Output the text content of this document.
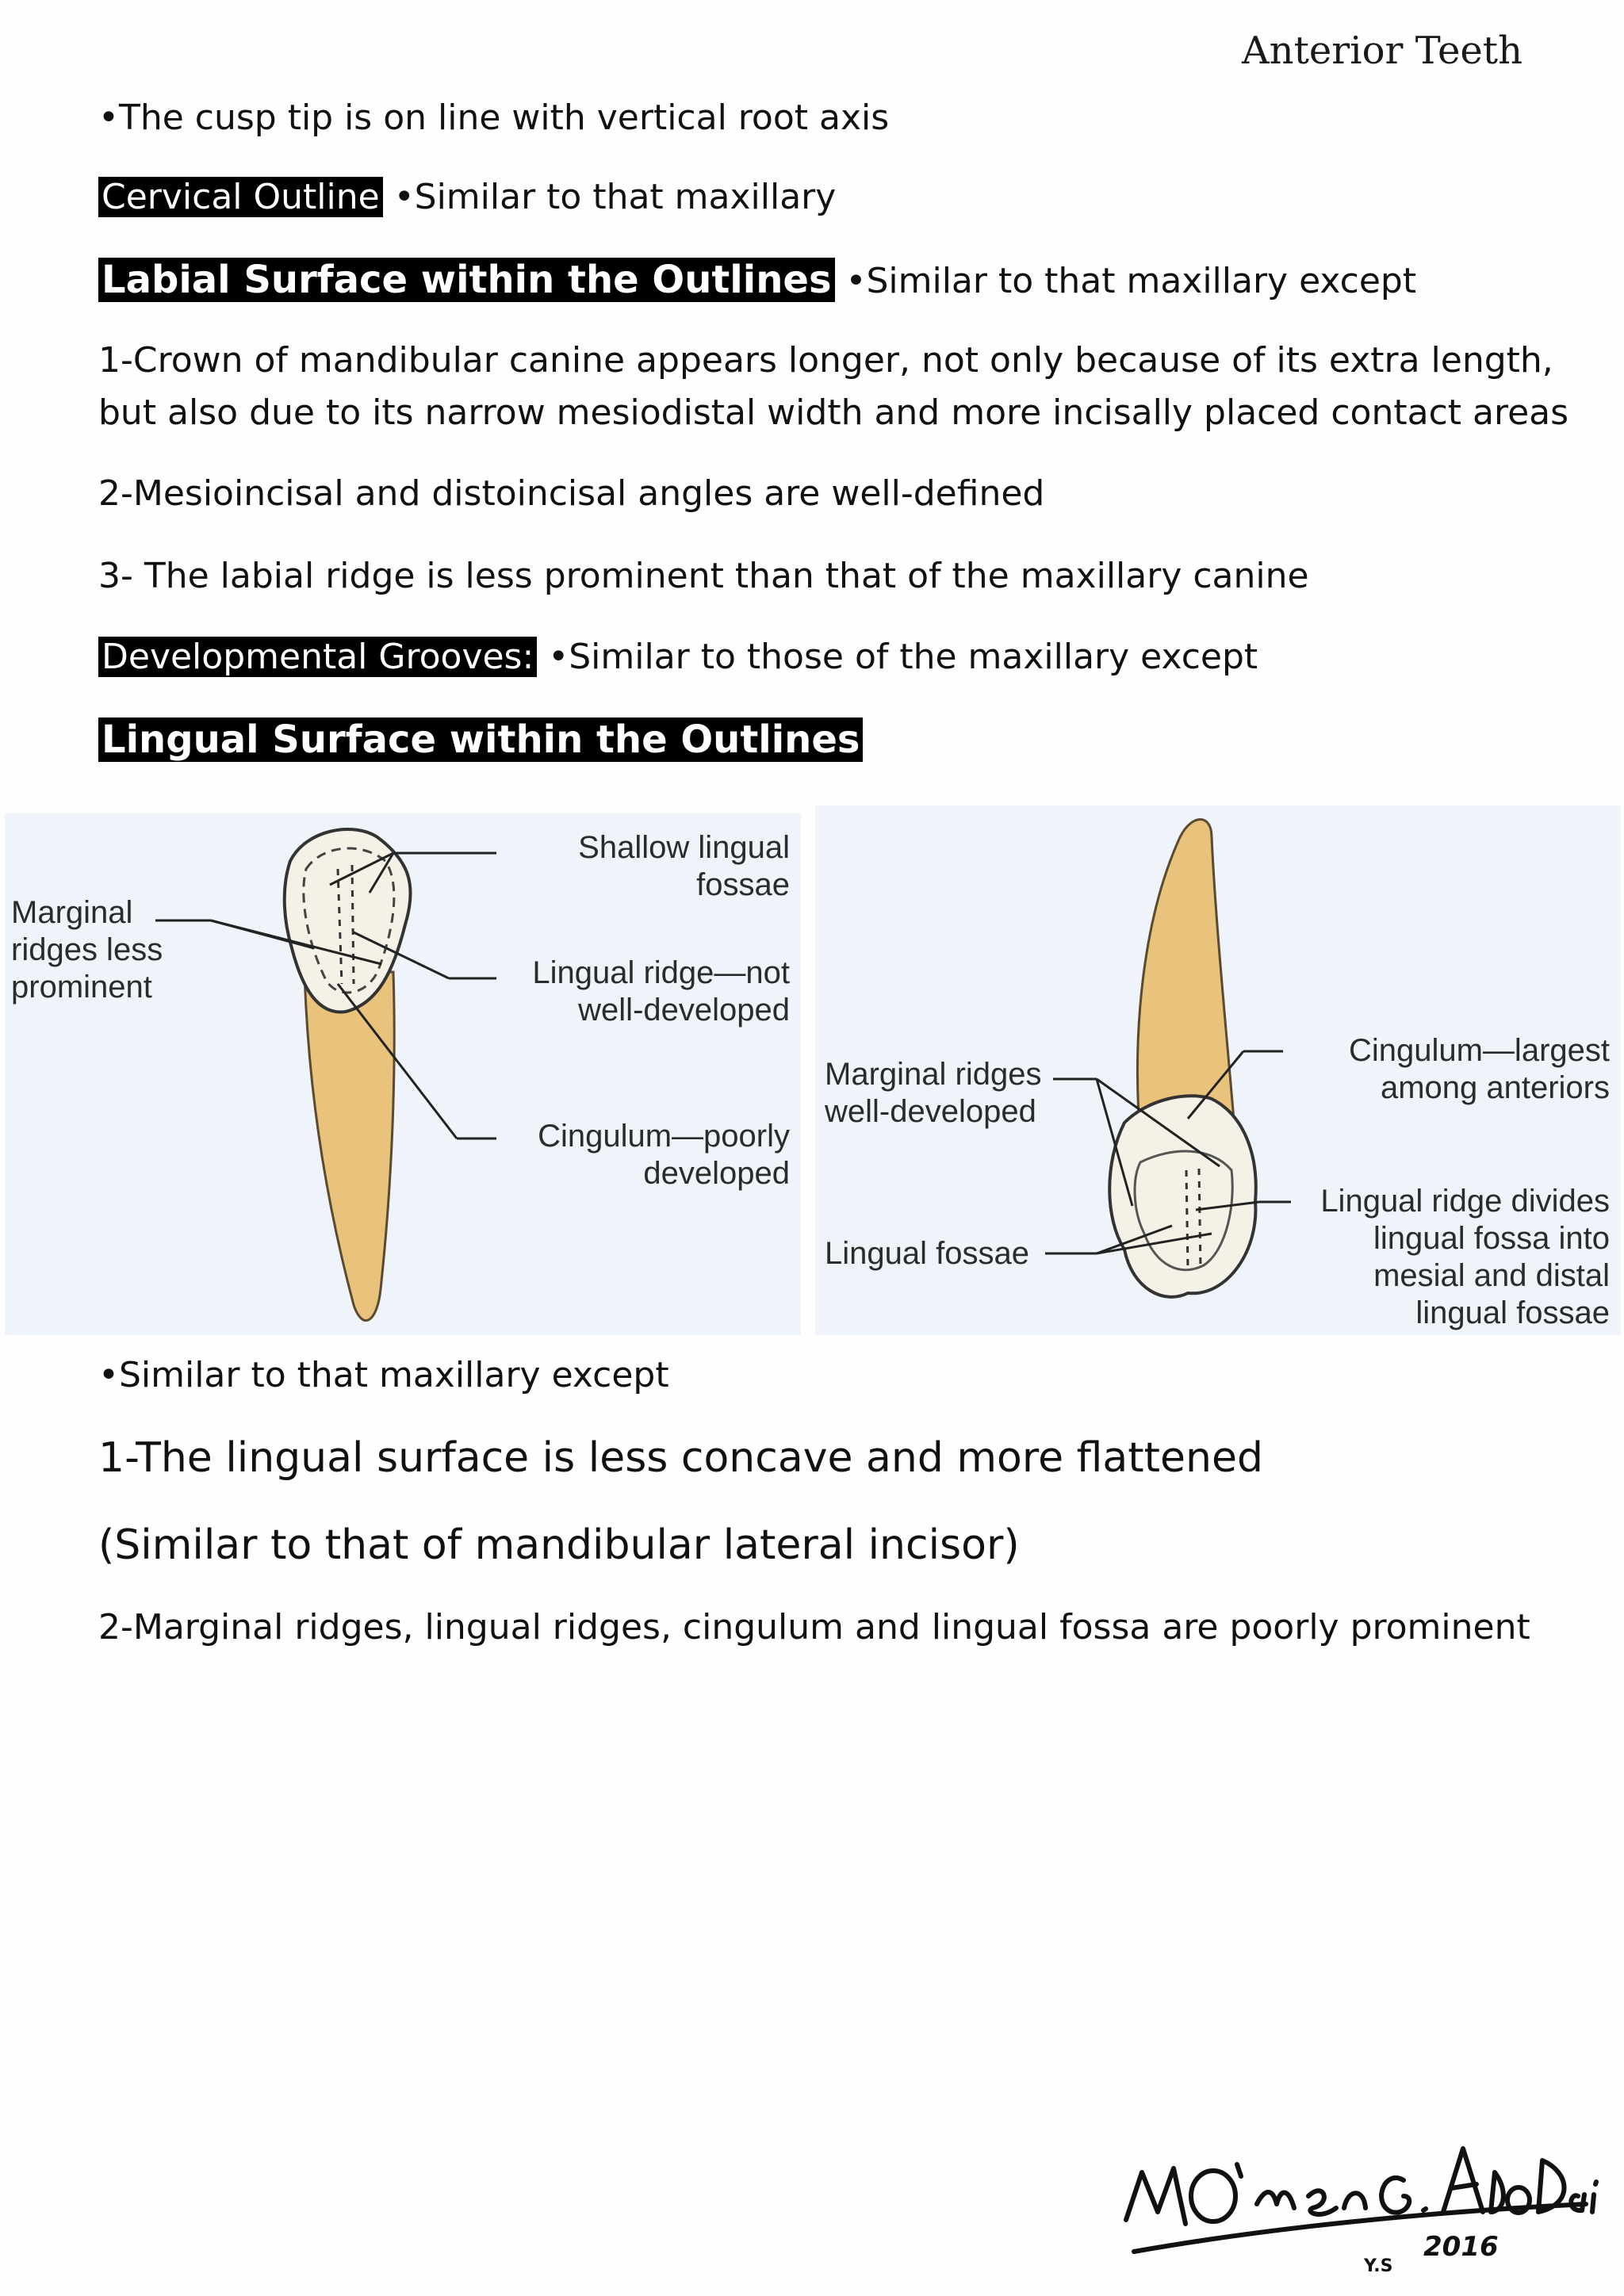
Anterior Teeth
•The cusp tip is on line with vertical root axis
Cervical Outline •Similar to that maxillary
Labial Surface within the Outlines •Similar to that maxillary except
1-Crown of mandibular canine appears longer, not only because of its extra length,
but also due to its narrow mesiodistal width and more incisally placed contact areas
2-Mesioincisal and distoincisal angles are well-defined
3- The labial ridge is less prominent than that of the maxillary canine
Developmental Grooves: •Similar to those of the maxillary except
Lingual Surface within the Outlines
Shallow lingual
fossae
Marginal
ridges less
prominent	Lingual ridge—not
well-developed
Cingulum—poorly
developed
Marginal ridges
well-developed
Lingual fossae
Cingulum—largest
among anteriors
Lingual ridge divides
lingual fossa into
mesial and distal
lingual fossae
•Similar to that maxillary except
1-The lingual surface is less concave and more flattened
(Similar to that of mandibular lateral incisor)
2-Marginal ridges, lingual ridges, cingulum and lingual fossa are poorly prominent
2016
Y.S
